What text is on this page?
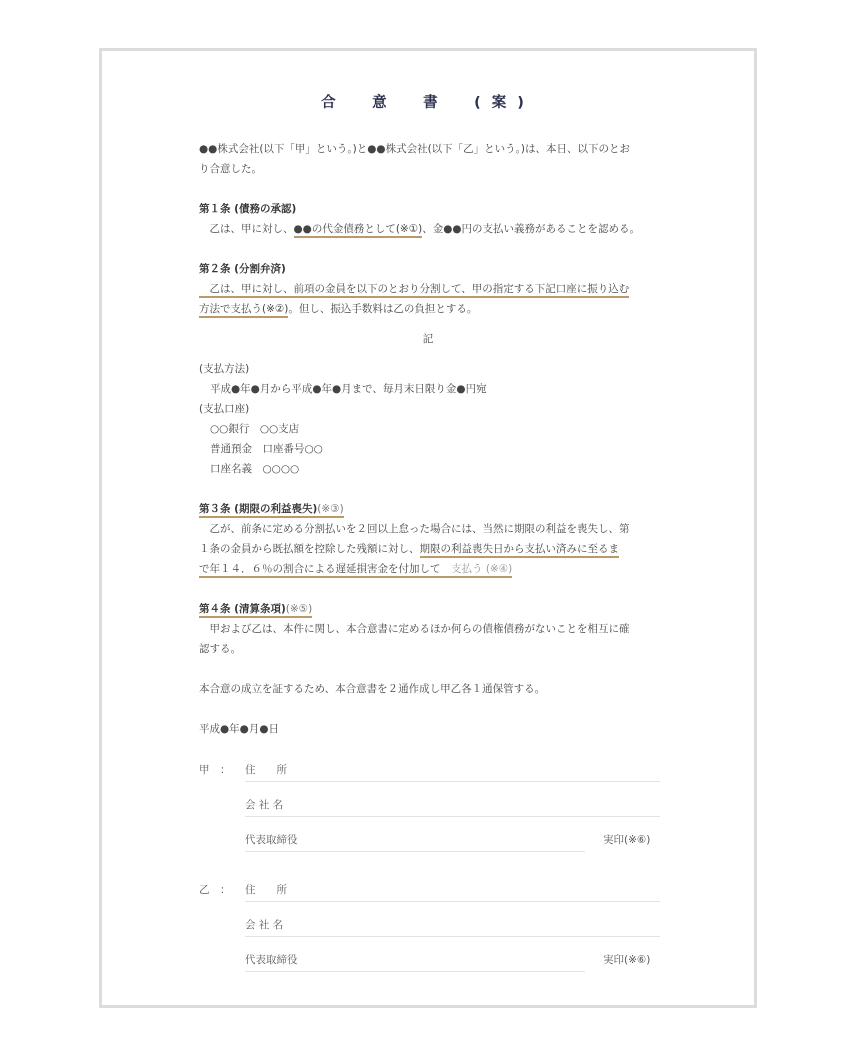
合　意　書　(案)
●●株式会社(以下「甲」という。)と●●株式会社(以下「乙」という。)は、本日、以下のとお
り合意した。
第１条 (債務の承認)
　乙は、甲に対し、●●の代金債務として(※①)、金●●円の支払い義務があることを認める。
第２条 (分割弁済)
　乙は、甲に対し、前項の金員を以下のとおり分割して、甲の指定する下記口座に振り込む
方法で支払う(※②)。但し、振込手数料は乙の負担とする。
記
(支払方法)
平成●年●月から平成●年●月まで、毎月末日限り金●円宛
(支払口座)
○○銀行　○○支店
普通預金　口座番号○○
口座名義　○○○○
第３条 (期限の利益喪失)(※③)
　乙が、前条に定める分割払いを２回以上怠った場合には、当然に期限の利益を喪失し、第
１条の金員から既払額を控除した残額に対し、期限の利益喪失日から支払い済みに至るま
で年１４．６％の割合による遅延損害金を付加して　 支払う (※④)
第４条 (清算条項)(※⑤)
　甲および乙は、本件に関し、本合意書に定めるほか何らの債権債務がないことを相互に確
認する。
本合意の成立を証するため、本合意書を２通作成し甲乙各１通保管する。
平成●年●月●日
甲　： 住　　所
会 社 名
代表取締役	実印(※⑥)
乙　： 住　　所
会 社 名
代表取締役	実印(※⑥)
